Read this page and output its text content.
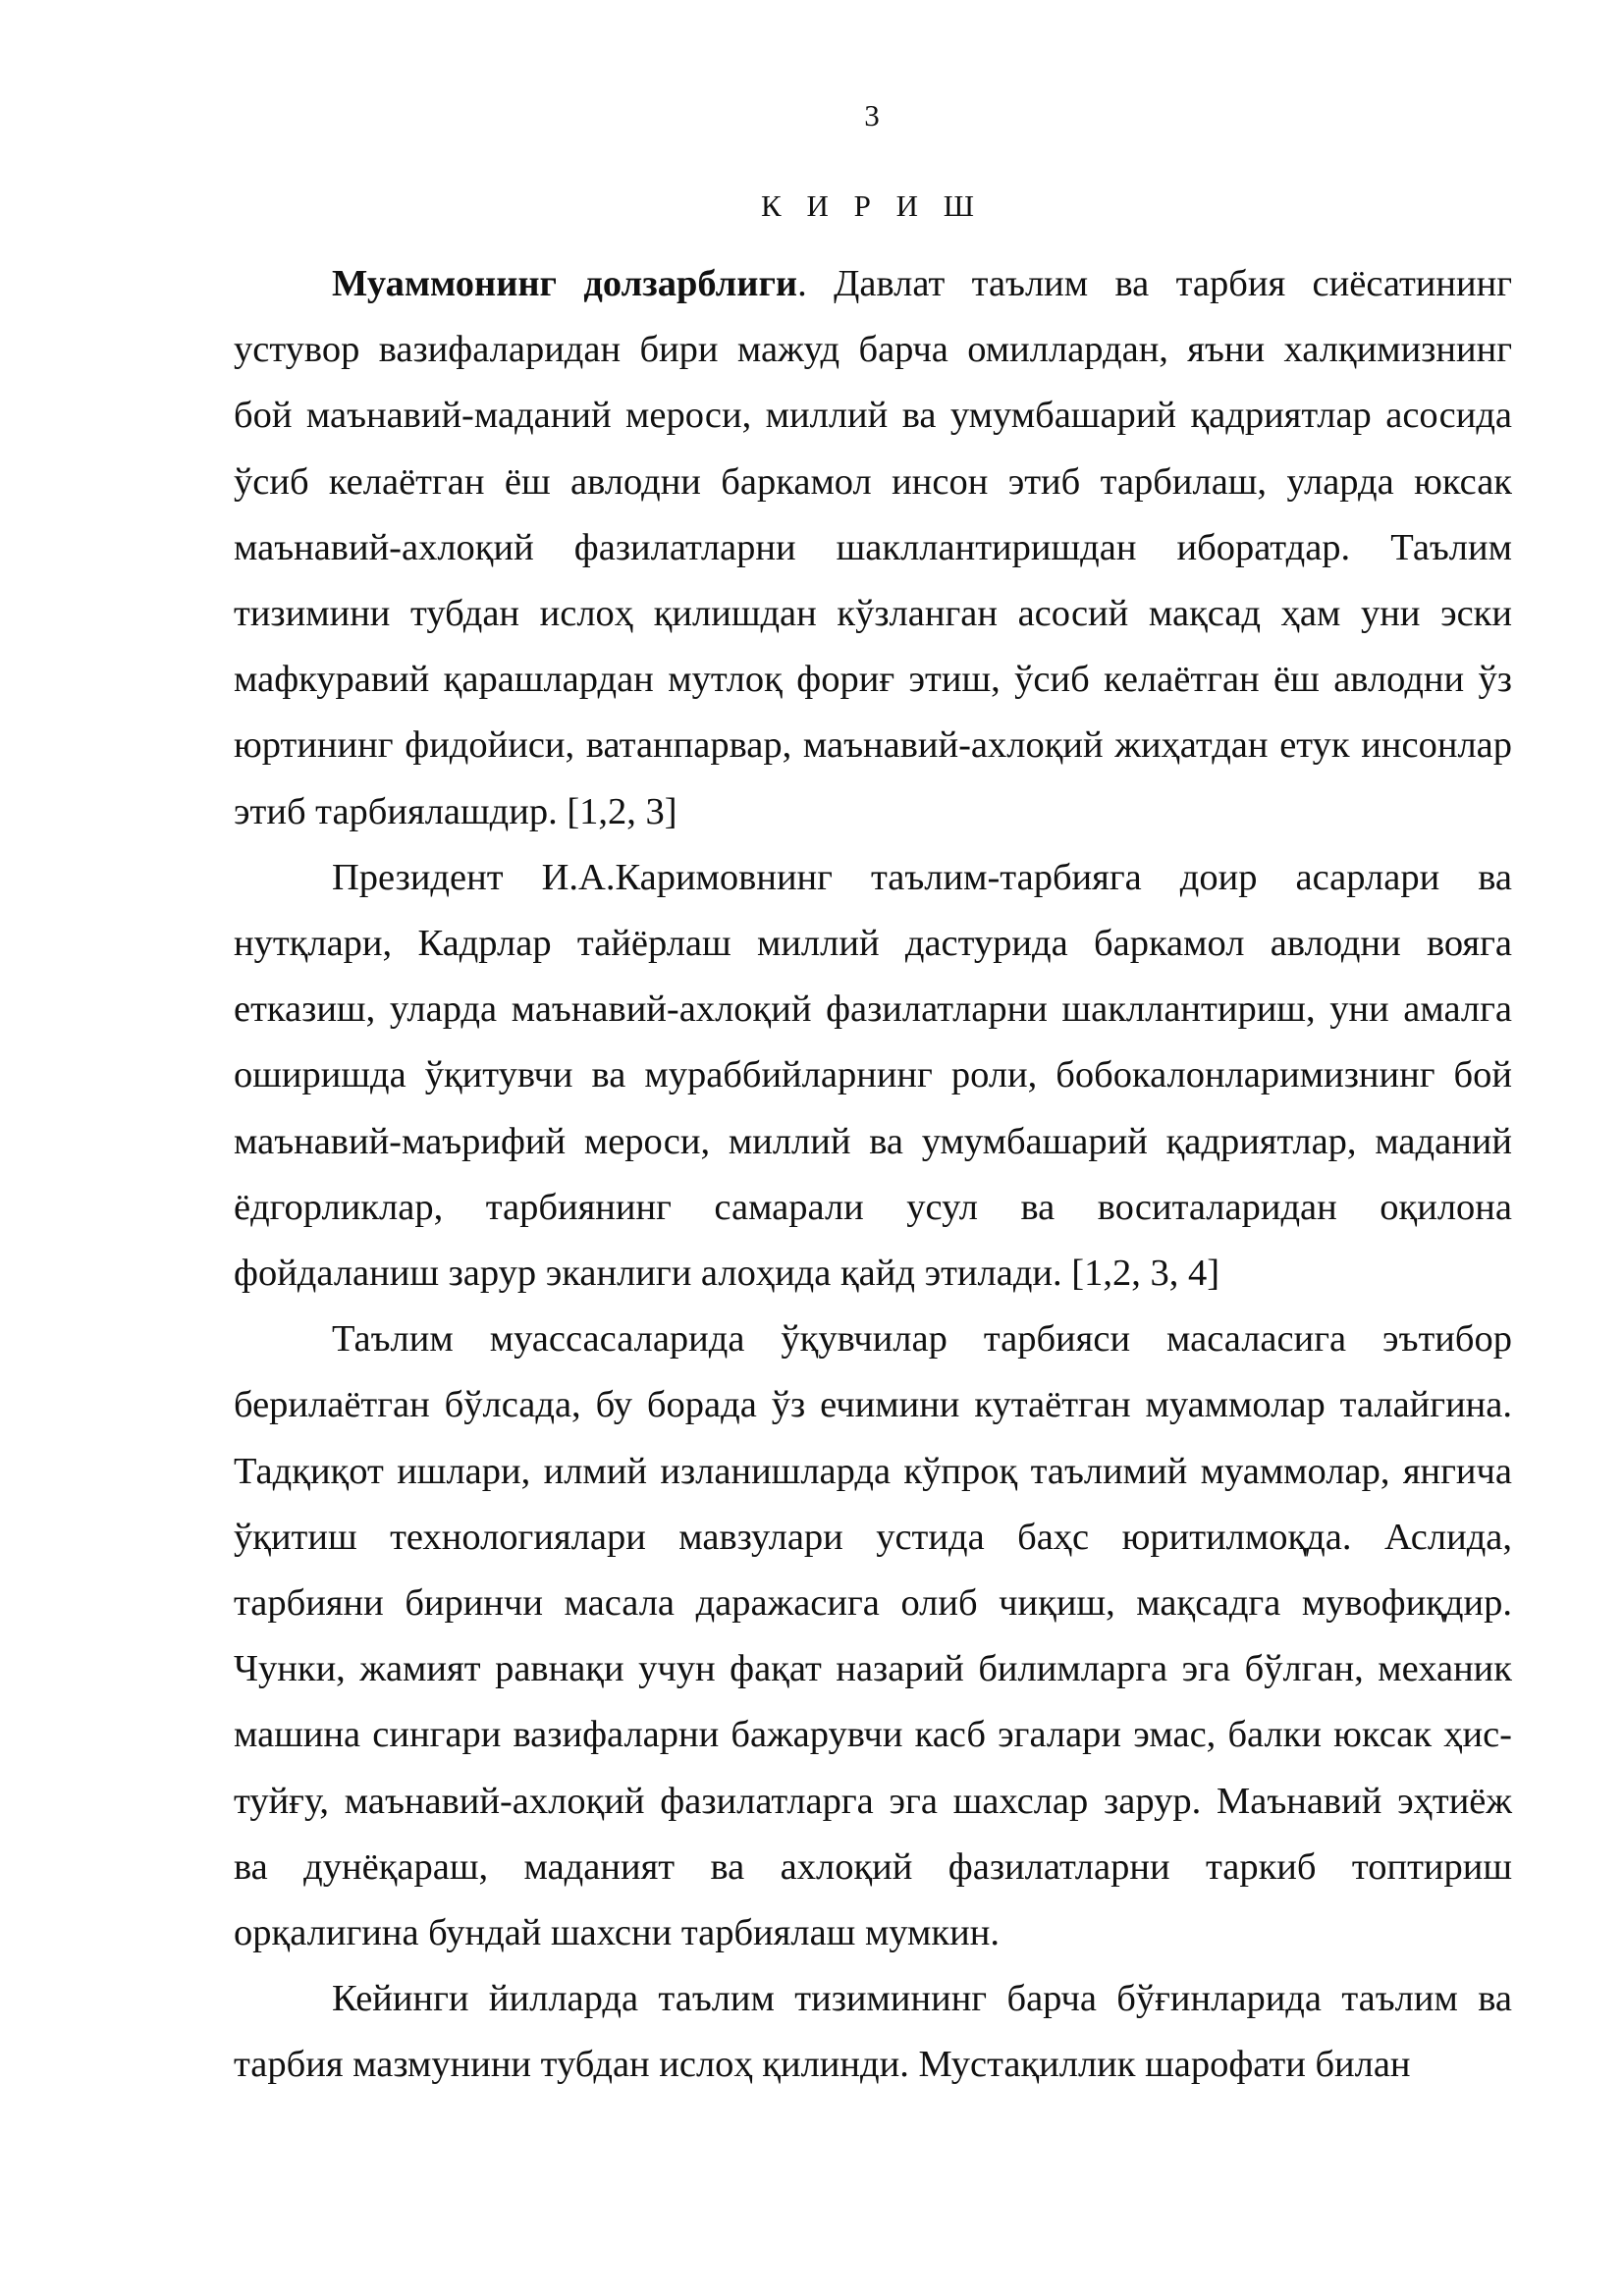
3
К И Р И Ш

Муаммонинг долзарблиги. Давлат таълим ва тарбия сиёсатининг устувор вазифаларидан бири мажуд барча омиллардан, яъни халқимизнинг бой маънавий-маданий мероси, миллий ва умумбашарий қадриятлар асосида ўсиб келаётган ёш авлодни баркамол инсон этиб тарбилаш, уларда юксак маънавий-ахлоқий фазилатларни шакллантиришдан иборатдар. Таълим тизимини тубдан ислоҳ қилишдан кўзланган асосий мақсад ҳам уни эски мафкуравий қарашлардан мутлоқ фориғ этиш, ўсиб келаётган ёш авлодни ўз юртининг фидойиси, ватанпарвар, маънавий-ахлоқий жиҳатдан етук инсонлар этиб тарбиялашдир. [1,2, 3]

Президент И.А.Каримовнинг таълим-тарбияга доир асарлари ва нутқлари, Кадрлар тайёрлаш миллий дастурида баркамол авлодни вояга етказиш, уларда маънавий-ахлоқий фазилатларни шакллантириш, уни амалга оширишда ўқитувчи ва мураббийларнинг роли, бобокалонларимизнинг бой маънавий-маърифий мероси, миллий ва умумбашарий қадриятлар, маданий ёдгорликлар, тарбиянинг самарали усул ва воситаларидан оқилона фойдаланиш зарур эканлиги алоҳида қайд этилади. [1,2, 3, 4]

Таълим муассасаларида ўқувчилар тарбияси масаласига эътибор берилаётган бўлсада, бу борада ўз ечимини кутаётган муаммолар талайгина. Тадқиқот ишлари, илмий изланишларда кўпроқ таълимий муаммолар, янгича ўқитиш технологиялари мавзулари устида баҳс юритилмоқда. Аслида, тарбияни биринчи масала даражасига олиб чиқиш, мақсадга мувофиқдир. Чунки, жамият равнақи учун фақат назарий билимларга эга бўлган, механик машина сингари вазифаларни бажарувчи касб эгалари эмас, балки юксак ҳис-туйғу, маънавий-ахлоқий фазилатларга эга шахслар зарур. Маънавий эҳтиёж ва дунёқараш, маданият ва ахлоқий фазилатларни таркиб топтириш орқалигина бундай шахсни тарбиялаш мумкин.

Кейинги йилларда таълим тизимининг барча бўғинларида таълим ва тарбия мазмунини тубдан ислоҳ қилинди. Мустақиллик шарофати билан
